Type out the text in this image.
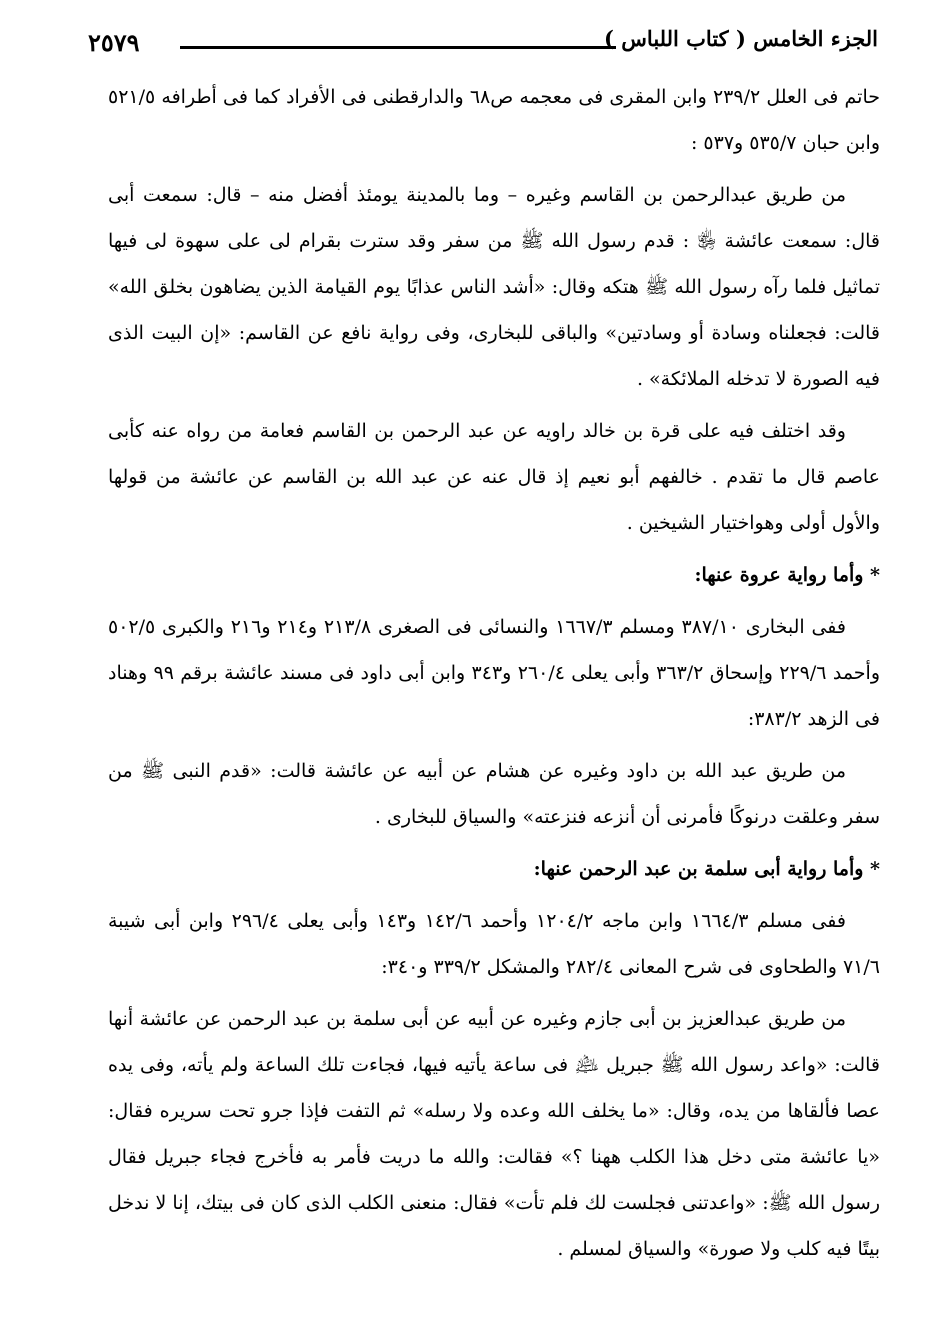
الجزء الخامس ( كتاب اللباس )
٢٥٧٩

حاتم فى العلل ٢٣٩/٢ وابن المقرى فى معجمه ص٦٨ والدارقطنى فى الأفراد كما فى أطرافه ٥٢١/٥ وابن حبان ٥٣٥/٧ و٥٣٧ :

من طريق عبدالرحمن بن القاسم وغيره – وما بالمدينة يومئذ أفضل منه – قال: سمعت أبى قال: سمعت عائشة ﵂ : قدم رسول الله ﷺ من سفر وقد سترت بقرام لى على سهوة لى فيها تماثيل فلما رآه رسول الله ﷺ هتكه وقال: «أشد الناس عذابًا يوم القيامة الذين يضاهون بخلق الله» قالت: فجعلناه وسادة أو وسادتين» والباقى للبخارى، وفى رواية نافع عن القاسم: «إن البيت الذى فيه الصورة لا تدخله الملائكة» .

وقد اختلف فيه على قرة بن خالد راويه عن عبد الرحمن بن القاسم فعامة من رواه عنه كأبى عاصم قال ما تقدم . خالفهم أبو نعيم إذ قال عنه عن عبد الله بن القاسم عن عائشة من قولها والأول أولى وهواختيار الشيخين .

* وأما رواية عروة عنها:

ففى البخارى ٣٨٧/١٠ ومسلم ١٦٦٧/٣ والنسائى فى الصغرى ٢١٣/٨ و٢١٤ و٢١٦ والكبرى ٥٠٢/٥ وأحمد ٢٢٩/٦ وإسحاق ٣٦٣/٢ وأبى يعلى ٢٦٠/٤ و٣٤٣ وابن أبى داود فى مسند عائشة برقم ٩٩ وهناد فى الزهد ٣٨٣/٢:

من طريق عبد الله بن داود وغيره عن هشام عن أبيه عن عائشة قالت: «قدم النبى ﷺ من سفر وعلقت درنوكًا فأمرنى أن أنزعه فنزعته» والسياق للبخارى .

* وأما رواية أبى سلمة بن عبد الرحمن عنها:

ففى مسلم ١٦٦٤/٣ وابن ماجه ١٢٠٤/٢ وأحمد ١٤٢/٦ و١٤٣ وأبى يعلى ٢٩٦/٤ وابن أبى شيبة ٧١/٦ والطحاوى فى شرح المعانى ٢٨٢/٤ والمشكل ٣٣٩/٢ و٣٤٠:

من طريق عبدالعزيز بن أبى جازم وغيره عن أبيه عن أبى سلمة بن عبد الرحمن عن عائشة أنها قالت: «واعد رسول الله ﷺ جبريل ﵇ فى ساعة يأتيه فيها، فجاءت تلك الساعة ولم يأته، وفى يده عصا فألقاها من يده، وقال: «ما يخلف الله وعده ولا رسله» ثم التفت فإذا جرو تحت سريره فقال: «يا عائشة متى دخل هذا الكلب ههنا ؟» فقالت: والله ما دريت فأمر به فأخرج فجاء جبريل فقال رسول الله ﷺ: «واعدتنى فجلست لك فلم تأت» فقال: منعنى الكلب الذى كان فى بيتك، إنا لا ندخل بيتًا فيه كلب ولا صورة» والسياق لمسلم .
